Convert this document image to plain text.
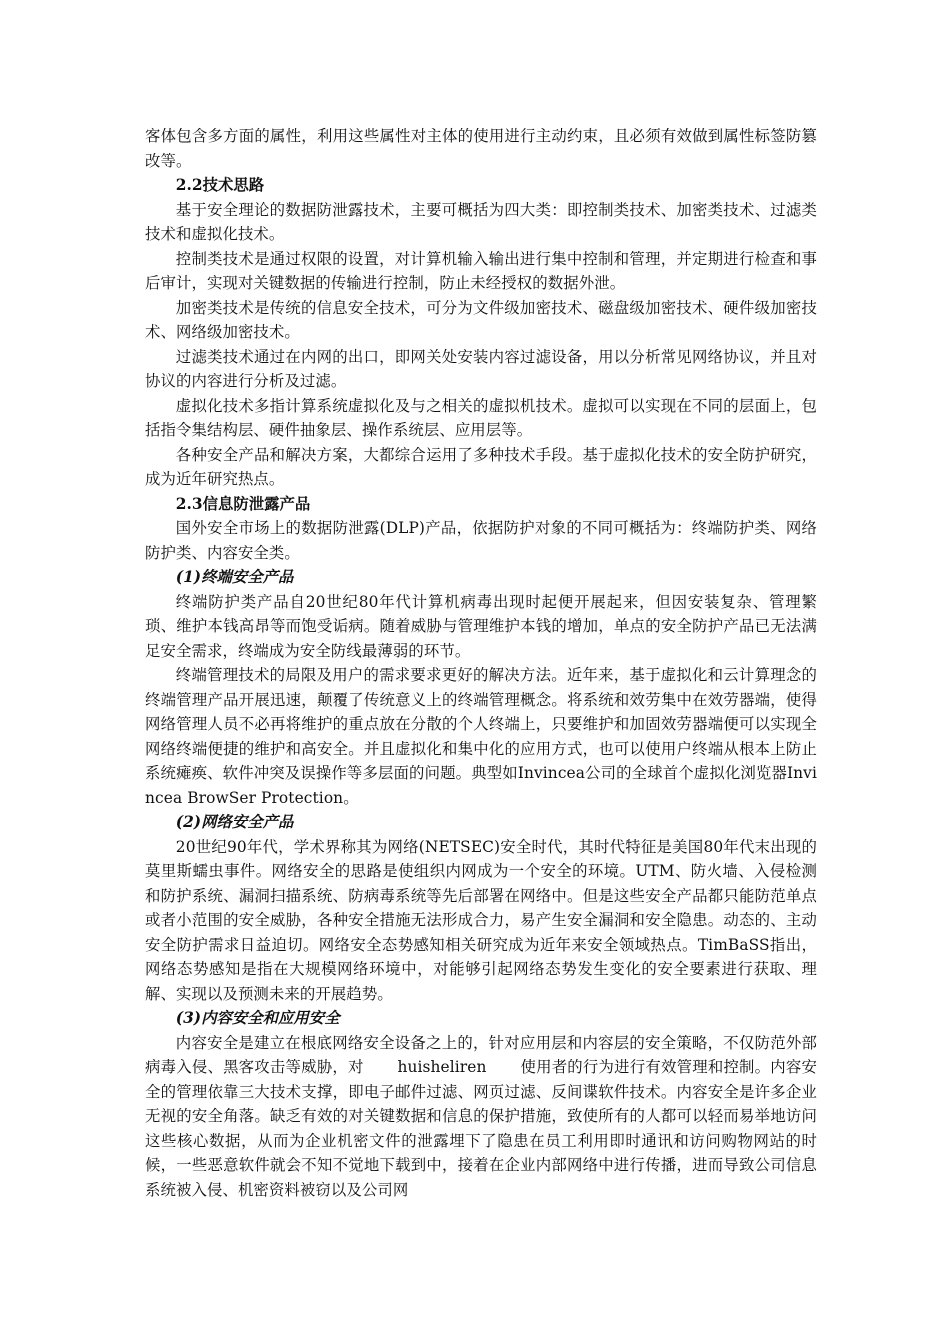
客体包含多方面的属性，利用这些属性对主体的使用进行主动约束，且必须有效做到属性标签防篡改等。

2.2技术思路

基于安全理论的数据防泄露技术，主要可概括为四大类：即控制类技术、加密类技术、过滤类技术和虚拟化技术。

控制类技术是通过权限的设置，对计算机输入输出进行集中控制和管理，并定期进行检查和事后审计，实现对关键数据的传输进行控制，防止未经授权的数据外泄。

加密类技术是传统的信息安全技术，可分为文件级加密技术、磁盘级加密技术、硬件级加密技术、网络级加密技术。

过滤类技术通过在内网的出口，即网关处安装内容过滤设备，用以分析常见网络协议，并且对协议的内容进行分析及过滤。

虚拟化技术多指计算系统虚拟化及与之相关的虚拟机技术。虚拟可以实现在不同的层面上，包括指令集结构层、硬件抽象层、操作系统层、应用层等。

各种安全产品和解决方案，大都综合运用了多种技术手段。基于虚拟化技术的安全防护研究，成为近年研究热点。

2.3信息防泄露产品

国外安全市场上的数据防泄露(DLP)产品，依据防护对象的不同可概括为：终端防护类、网络防护类、内容安全类。

(1)终端安全产品

终端防护类产品自20世纪80年代计算机病毒出现时起便开展起来，但因安装复杂、管理繁琐、维护本钱高昂等而饱受诟病。随着威胁与管理维护本钱的增加，单点的安全防护产品已无法满足安全需求，终端成为安全防线最薄弱的环节。

终端管理技术的局限及用户的需求要求更好的解决方法。近年来，基于虚拟化和云计算理念的终端管理产品开展迅速，颠覆了传统意义上的终端管理概念。将系统和效劳集中在效劳器端，使得网络管理人员不必再将维护的重点放在分散的个人终端上，只要维护和加固效劳器端便可以实现全网络终端便捷的维护和高安全。并且虚拟化和集中化的应用方式，也可以使用户终端从根本上防止系统瘫痪、软件冲突及误操作等多层面的问题。典型如Invincea公司的全球首个虚拟化浏览器Invincea BrowSer Protection。

(2)网络安全产品

20世纪90年代，学术界称其为网络(NETSEC)安全时代，其时代特征是美国80年代末出现的莫里斯蠕虫事件。网络安全的思路是使组织内网成为一个安全的环境。UTM、防火墙、入侵检测和防护系统、漏洞扫描系统、防病毒系统等先后部署在网络中。但是这些安全产品都只能防范单点或者小范围的安全威胁，各种安全措施无法形成合力，易产生安全漏洞和安全隐患。动态的、主动安全防护需求日益迫切。网络安全态势感知相关研究成为近年来安全领域热点。TimBaSS指出，网络态势感知是指在大规模网络环境中，对能够引起网络态势发生变化的安全要素进行获取、理解、实现以及预测未来的开展趋势。

(3)内容安全和应用安全

内容安全是建立在根底网络安全设备之上的，针对应用层和内容层的安全策略，不仅防范外部病毒入侵、黑客攻击等威胁，对 huisheliren 使用者的行为进行有效管理和控制。内容安全的管理依靠三大技术支撑，即电子邮件过滤、网页过滤、反间谍软件技术。内容安全是许多企业无视的安全角落。缺乏有效的对关键数据和信息的保护措施，致使所有的人都可以轻而易举地访问这些核心数据，从而为企业机密文件的泄露埋下了隐患在员工利用即时通讯和访问购物网站的时候，一些恶意软件就会不知不觉地下载到中，接着在企业内部网络中进行传播，进而导致公司信息系统被入侵、机密资料被窃以及公司网
